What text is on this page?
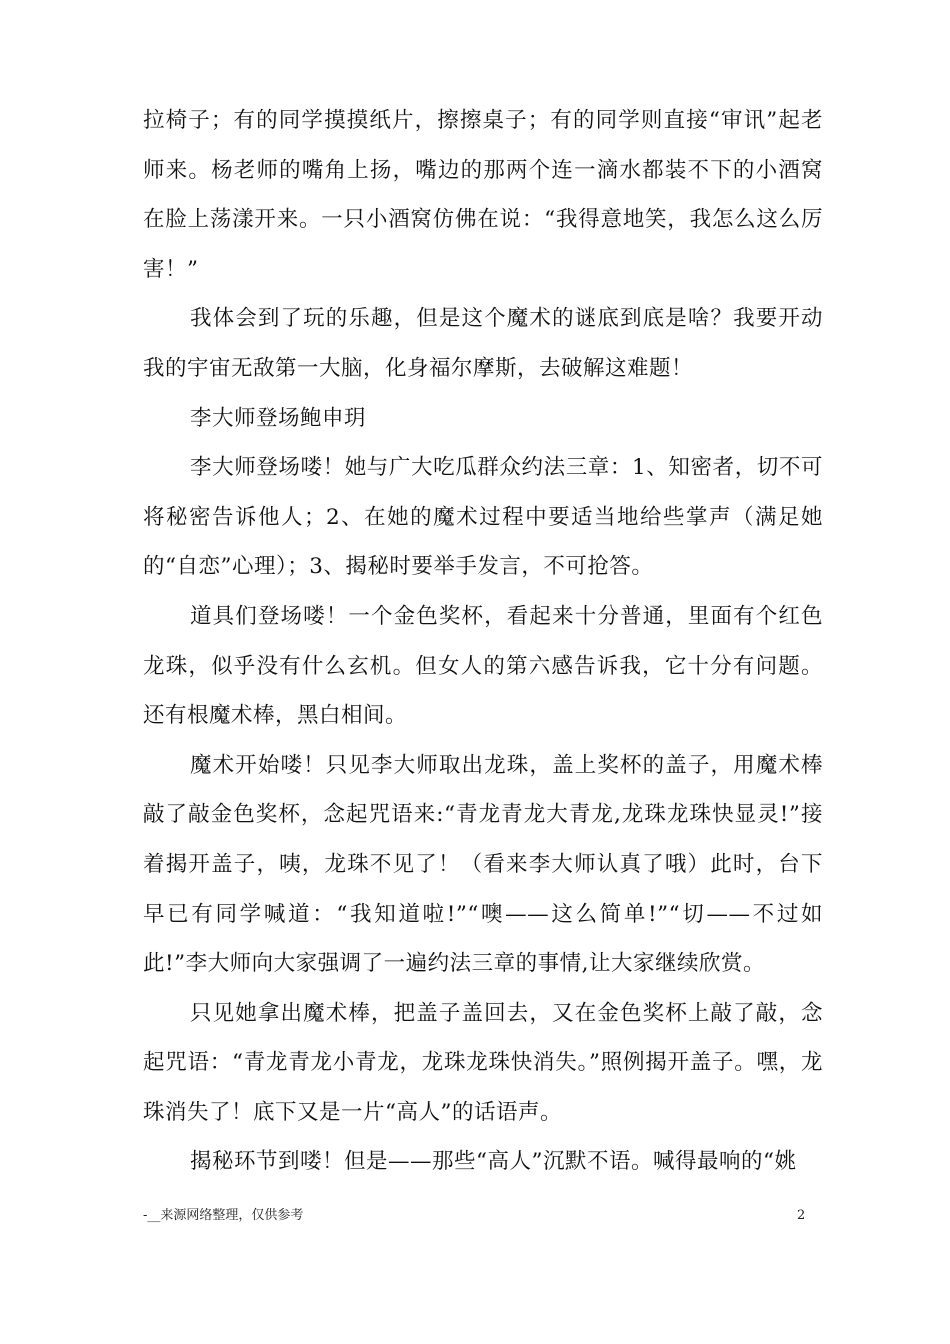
拉椅子；有的同学摸摸纸片，擦擦桌子；有的同学则直接“审讯”起老师来。杨老师的嘴角上扬，嘴边的那两个连一滴水都装不下的小酒窝在脸上荡漾开来。一只小酒窝仿佛在说：“我得意地笑，我怎么这么厉害！”

我体会到了玩的乐趣，但是这个魔术的谜底到底是啥？我要开动我的宇宙无敌第一大脑，化身福尔摩斯，去破解这难题！

李大师登场鲍申玥

李大师登场喽！她与广大吃瓜群众约法三章：1、知密者，切不可将秘密告诉他人；2、在她的魔术过程中要适当地给些掌声（满足她的“自恋”心理）；3、揭秘时要举手发言，不可抢答。

道具们登场喽！一个金色奖杯，看起来十分普通，里面有个红色龙珠，似乎没有什么玄机。但女人的第六感告诉我，它十分有问题。还有根魔术棒，黑白相间。

魔术开始喽！只见李大师取出龙珠，盖上奖杯的盖子，用魔术棒敲了敲金色奖杯，念起咒语来:“青龙青龙大青龙,龙珠龙珠快显灵!”接着揭开盖子，咦，龙珠不见了！（看来李大师认真了哦）此时，台下早已有同学喊道：“我知道啦!”“噢——这么简单!”“切——不过如此!”李大师向大家强调了一遍约法三章的事情,让大家继续欣赏。

只见她拿出魔术棒，把盖子盖回去，又在金色奖杯上敲了敲，念起咒语：“青龙青龙小青龙，龙珠龙珠快消失。”照例揭开盖子。嘿，龙珠消失了！底下又是一片“高人”的话语声。

揭秘环节到喽！但是——那些“高人”沉默不语。喊得最响的“姚

-__来源网络整理，仅供参考	2
